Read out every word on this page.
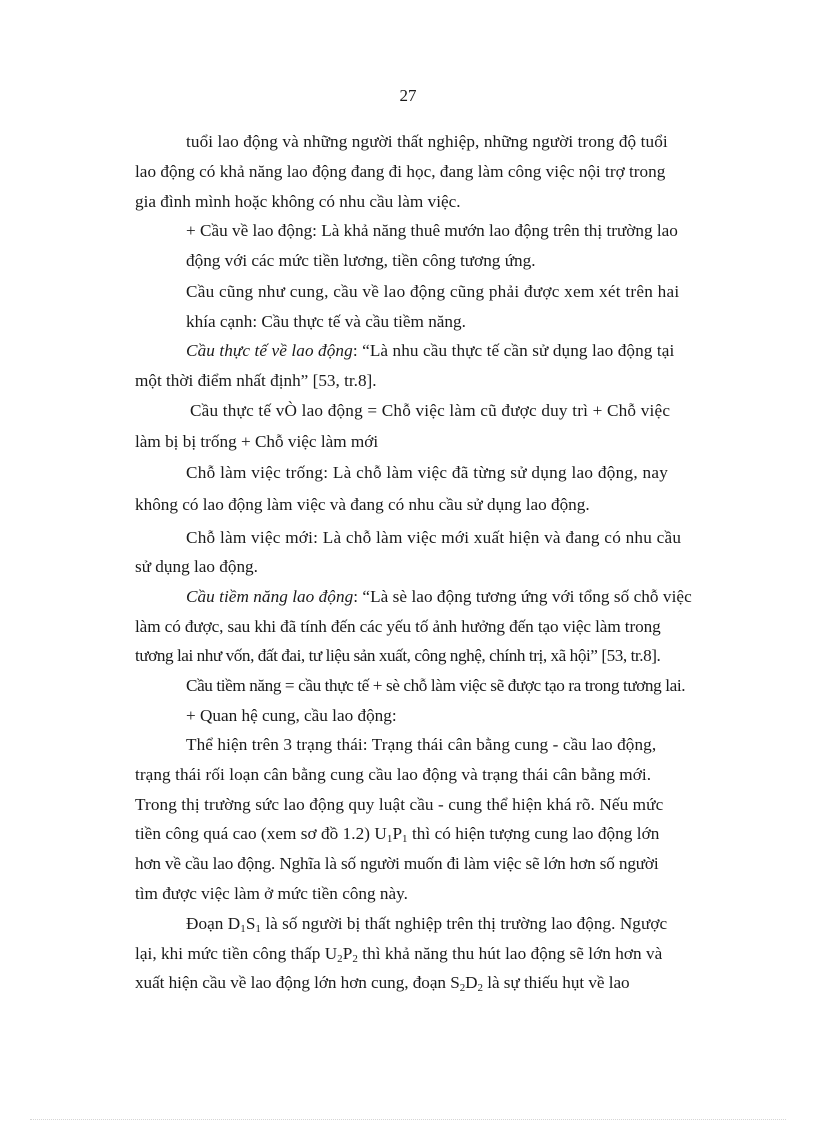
27
tuổi lao động và những người thất nghiệp, những người trong độ tuổi
lao động có khả năng lao động đang đi học, đang làm công việc nội trợ trong
gia đình mình hoặc không có nhu cầu làm việc.
+ Cầu về lao động: Là khả năng thuê mướn lao động trên thị trường lao
động với các mức tiền lương, tiền công tương ứng.
Cầu cũng như cung, cầu về lao động cũng phải được xem xét trên hai
khía cạnh: Cầu thực tế và cầu tiềm năng.
Cầu thực tế về lao động: “Là nhu cầu thực tế cần sử dụng lao động tại
một thời điểm nhất định” [53, tr.8].
Cầu thực tế vÒ lao động = Chỗ việc làm cũ được duy trì + Chỗ việc
làm bị bị trống + Chỗ việc làm mới
Chỗ làm việc trống: Là chỗ làm việc đã từng sử dụng lao động, nay
không có lao động làm việc và đang có nhu cầu sử dụng lao động.
Chỗ làm việc mới: Là chỗ làm việc mới xuất hiện và đang có nhu cầu
sử dụng lao động.
Cầu tiềm năng lao động: “Là sè lao động tương ứng với tổng số chỗ việc
làm có được, sau khi đã tính đến các yếu tố ảnh hưởng đến tạo việc làm trong
tương lai như vốn, đất đai, tư liệu sản xuất, công nghệ, chính trị, xã hội” [53, tr.8].
Cầu tiềm năng = cầu thực tế + sè chỗ làm việc sẽ được tạo ra trong tương lai.
+ Quan hệ cung, cầu lao động:
Thể hiện trên 3 trạng thái: Trạng thái cân bằng cung - cầu lao động,
trạng thái rối loạn cân bằng cung cầu lao động và trạng thái cân bằng mới.
Trong thị trường sức lao động quy luật cầu - cung thể hiện khá rõ. Nếu mức
tiền công quá cao (xem sơ đồ 1.2) $U_1P_1$ thì có hiện tượng cung lao động lớn
hơn về cầu lao động. Nghĩa là số người muốn đi làm việc sẽ lớn hơn số người
tìm được việc làm ở mức tiền công này.
Đoạn $D_1S_1$ là số người bị thất nghiệp trên thị trường lao động. Ngược
lại, khi mức tiền công thấp $U_2P_2$ thì khả năng thu hút lao động sẽ lớn hơn và
xuất hiện cầu về lao động lớn hơn cung, đoạn $S_2D_2$ là sự thiếu hụt về lao
